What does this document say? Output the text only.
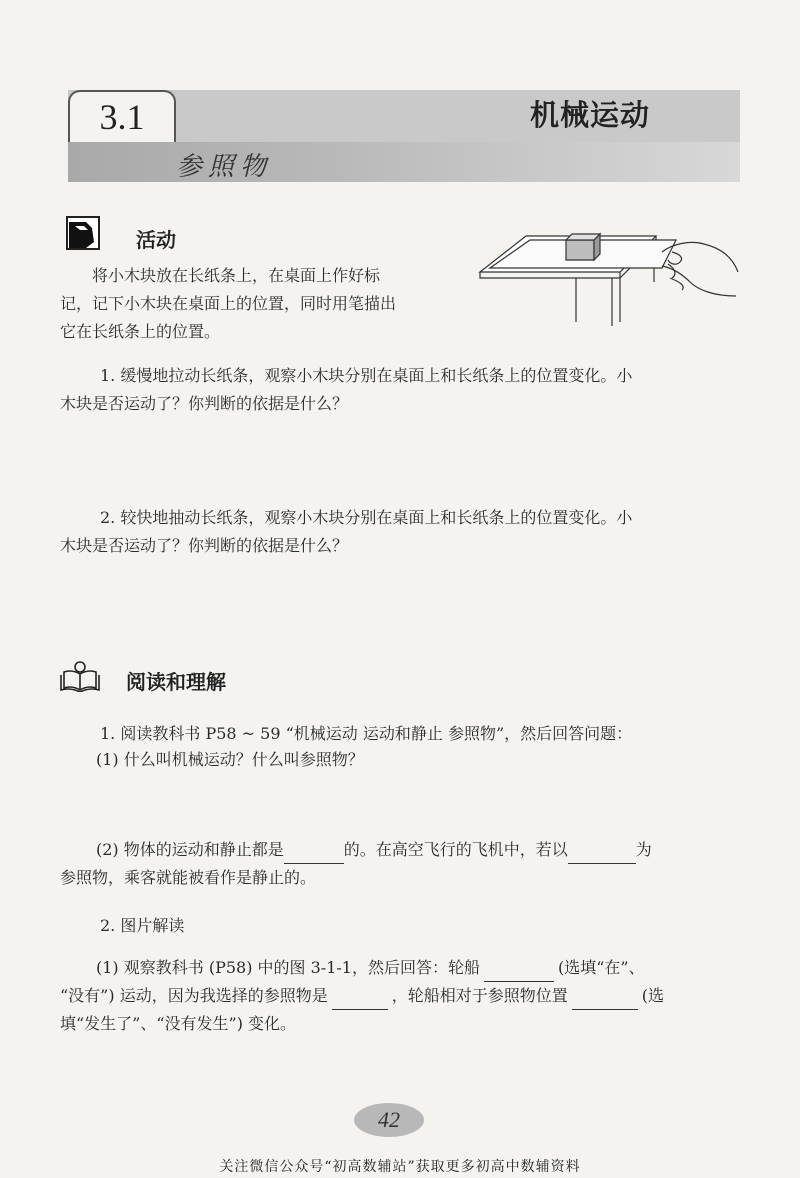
3.1	机械运动
参照物
活动
将小木块放在长纸条上，在桌面上作好标
记，记下小木块在桌面上的位置，同时用笔描出
它在长纸条上的位置。
1. 缓慢地拉动长纸条，观察小木块分别在桌面上和长纸条上的位置变化。小
木块是否运动了？你判断的依据是什么？
2. 较快地抽动长纸条，观察小木块分别在桌面上和长纸条上的位置变化。小
木块是否运动了？你判断的依据是什么？
阅读和理解
1. 阅读教科书 P58 ~ 59 “机械运动 运动和静止 参照物”，然后回答问题：
(1) 什么叫机械运动？什么叫参照物？
(2) 物体的运动和静止都是	的。在高空飞行的飞机中，若以	为
参照物，乘客就能被看作是静止的。
2. 图片解读
(1) 观察教科书 (P58) 中的图 3-1-1，然后回答：轮船	(选填“在”、
“没有”) 运动，因为我选择的参照物是	，轮船相对于参照物位置	(选
填“发生了”、“没有发生”) 变化。
42
关注微信公众号“初高数辅站”获取更多初高中数辅资料
